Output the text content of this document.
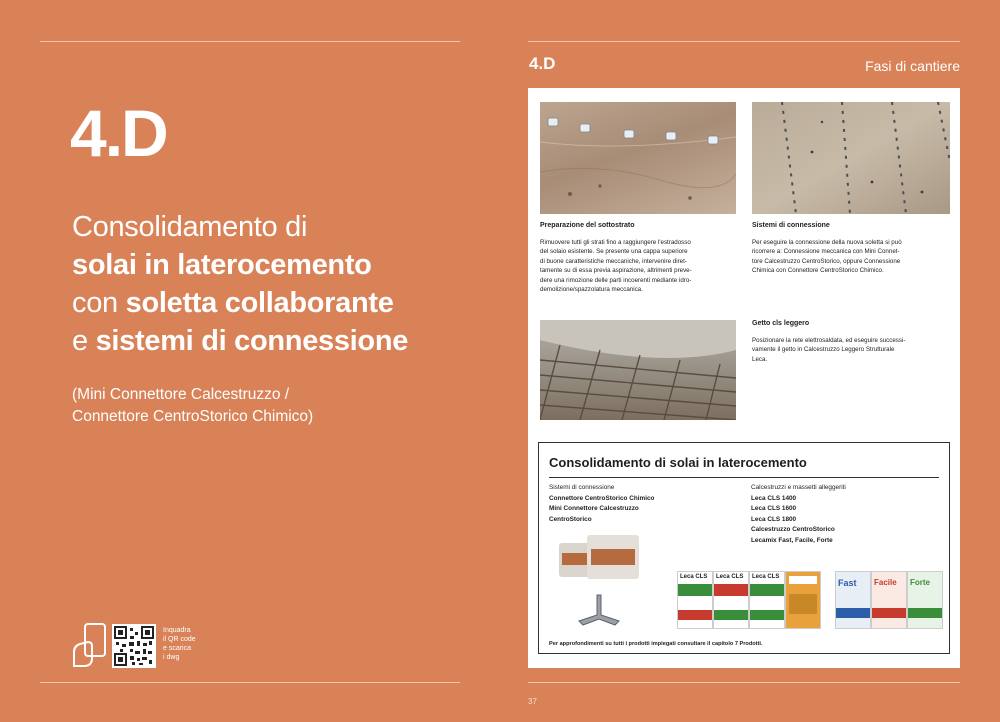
4.D
Consolidamento di
solai in laterocemento
con soletta collaborante
e sistemi di connessione
(Mini Connettore Calcestruzzo /
Connettore CentroStorico Chimico)
Inquadra
il QR code
e scarica
i dwg
4.D	Fasi di cantiere
Preparazione del sottostrato
Rimuovere tutti gli strati fino a raggiungere l'estradosso
del solaio esistente. Se presente una cappa superiore
di buone caratteristiche meccaniche, intervenire diret-
tamente su di essa previa aspirazione, altrimenti preve-
dere una rimozione delle parti incoerenti mediante idro-
demolizione/spazzolatura meccanica.
Sistemi di connessione
Per eseguire la connessione della nuova soletta si può
ricorrere a: Connessione meccanica con Mini Connet-
tore Calcestruzzo CentroStorico, oppure Connessione
Chimica con Connettore CentroStorico Chimico.
Getto cls leggero
Posizionare la rete elettrosaldata, ed eseguire successi-
vamente il getto in Calcestruzzo Leggero Strutturale
Leca.
Consolidamento di solai in laterocemento
Sistemi di connessione
Connettore CentroStorico Chimico
Mini Connettore Calcestruzzo
CentroStorico
Calcestruzzi e massetti alleggeriti
Leca CLS 1400
Leca CLS 1600
Leca CLS 1800
Calcestruzzo CentroStorico
Lecamix Fast, Facile, Forte
Leca CLS	Leca CLS	Leca CLS
Fast	Facile	Forte
Per approfondimenti su tutti i prodotti impiegati consultare il capitolo 7 Prodotti.
37
